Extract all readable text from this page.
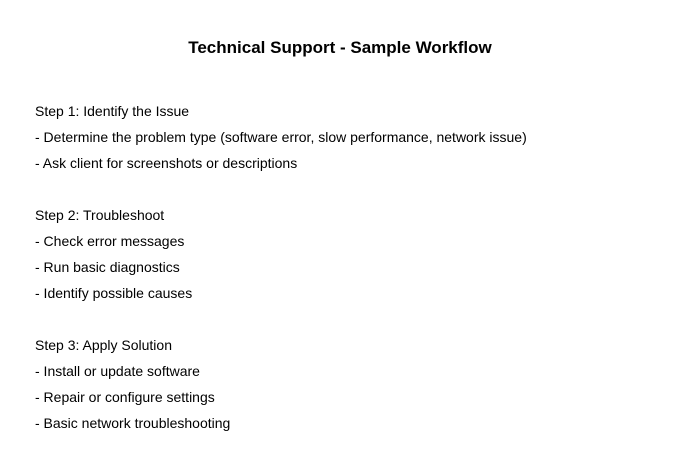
Technical Support - Sample Workflow
Step 1: Identify the Issue
- Determine the problem type (software error, slow performance, network issue)
- Ask client for screenshots or descriptions
Step 2: Troubleshoot
- Check error messages
- Run basic diagnostics
- Identify possible causes
Step 3: Apply Solution
- Install or update software
- Repair or configure settings
- Basic network troubleshooting
